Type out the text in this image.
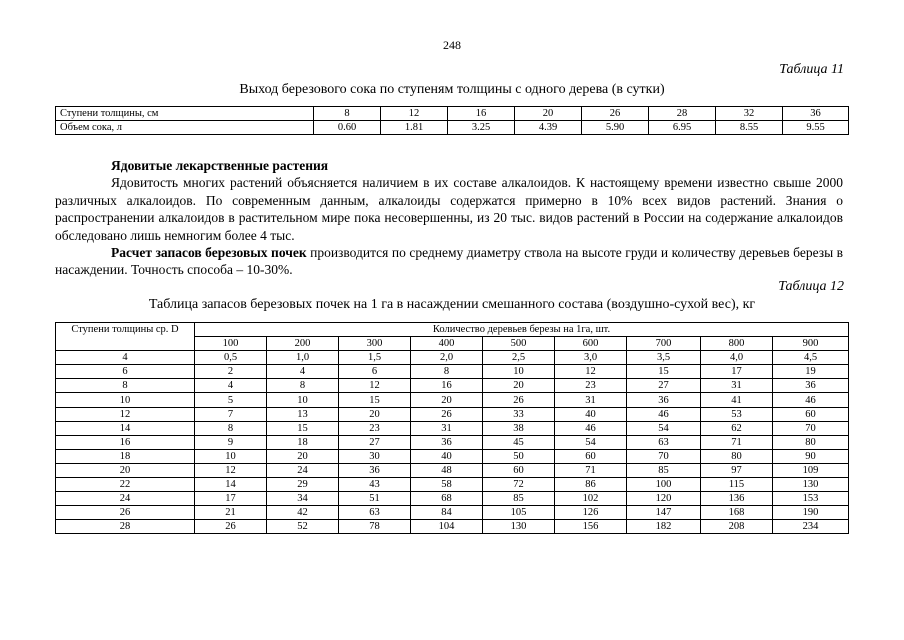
248
Таблица 11
Выход березового сока по ступеням толщины с одного дерева (в сутки)
Ступени толщины, см	8	12	16	20	26	28	32	36
Объем сока, л	0.60	1.81	3.25	4.39	5.90	6.95	8.55	9.55

Ядовитые лекарственные растения

Ядовитость многих растений объясняется наличием в их составе алкалоидов. К настоящему времени известно свыше 2000 различных алкалоидов. По современным данным, алкалоиды содержатся примерно в 10% всех видов растений. Знания о распространении алкалоидов в растительном мире пока несовершенны, из 20 тыс. видов растений в России на содержание алкалоидов обследовано лишь немногим более 4 тыс.

Расчет запасов березовых почек производится по среднему диаметру ствола на высоте груди и количеству деревьев березы в насаждении. Точность способа – 10-30%.

Таблица 12
Таблица запасов березовых почек на 1 га в насаждении смешанного состава (воздушно-сухой вес), кг
Ступени толщины ср. D	Количество деревьев березы на 1га, шт.								
	100	200	300	400	500	600	700	800	900
4	0,5	1,0	1,5	2,0	2,5	3,0	3,5	4,0	4,5
6	2	4	6	8	10	12	15	17	19
8	4	8	12	16	20	23	27	31	36
10	5	10	15	20	26	31	36	41	46
12	7	13	20	26	33	40	46	53	60
14	8	15	23	31	38	46	54	62	70
16	9	18	27	36	45	54	63	71	80
18	10	20	30	40	50	60	70	80	90
20	12	24	36	48	60	71	85	97	109
22	14	29	43	58	72	86	100	115	130
24	17	34	51	68	85	102	120	136	153
26	21	42	63	84	105	126	147	168	190
28	26	52	78	104	130	156	182	208	234
